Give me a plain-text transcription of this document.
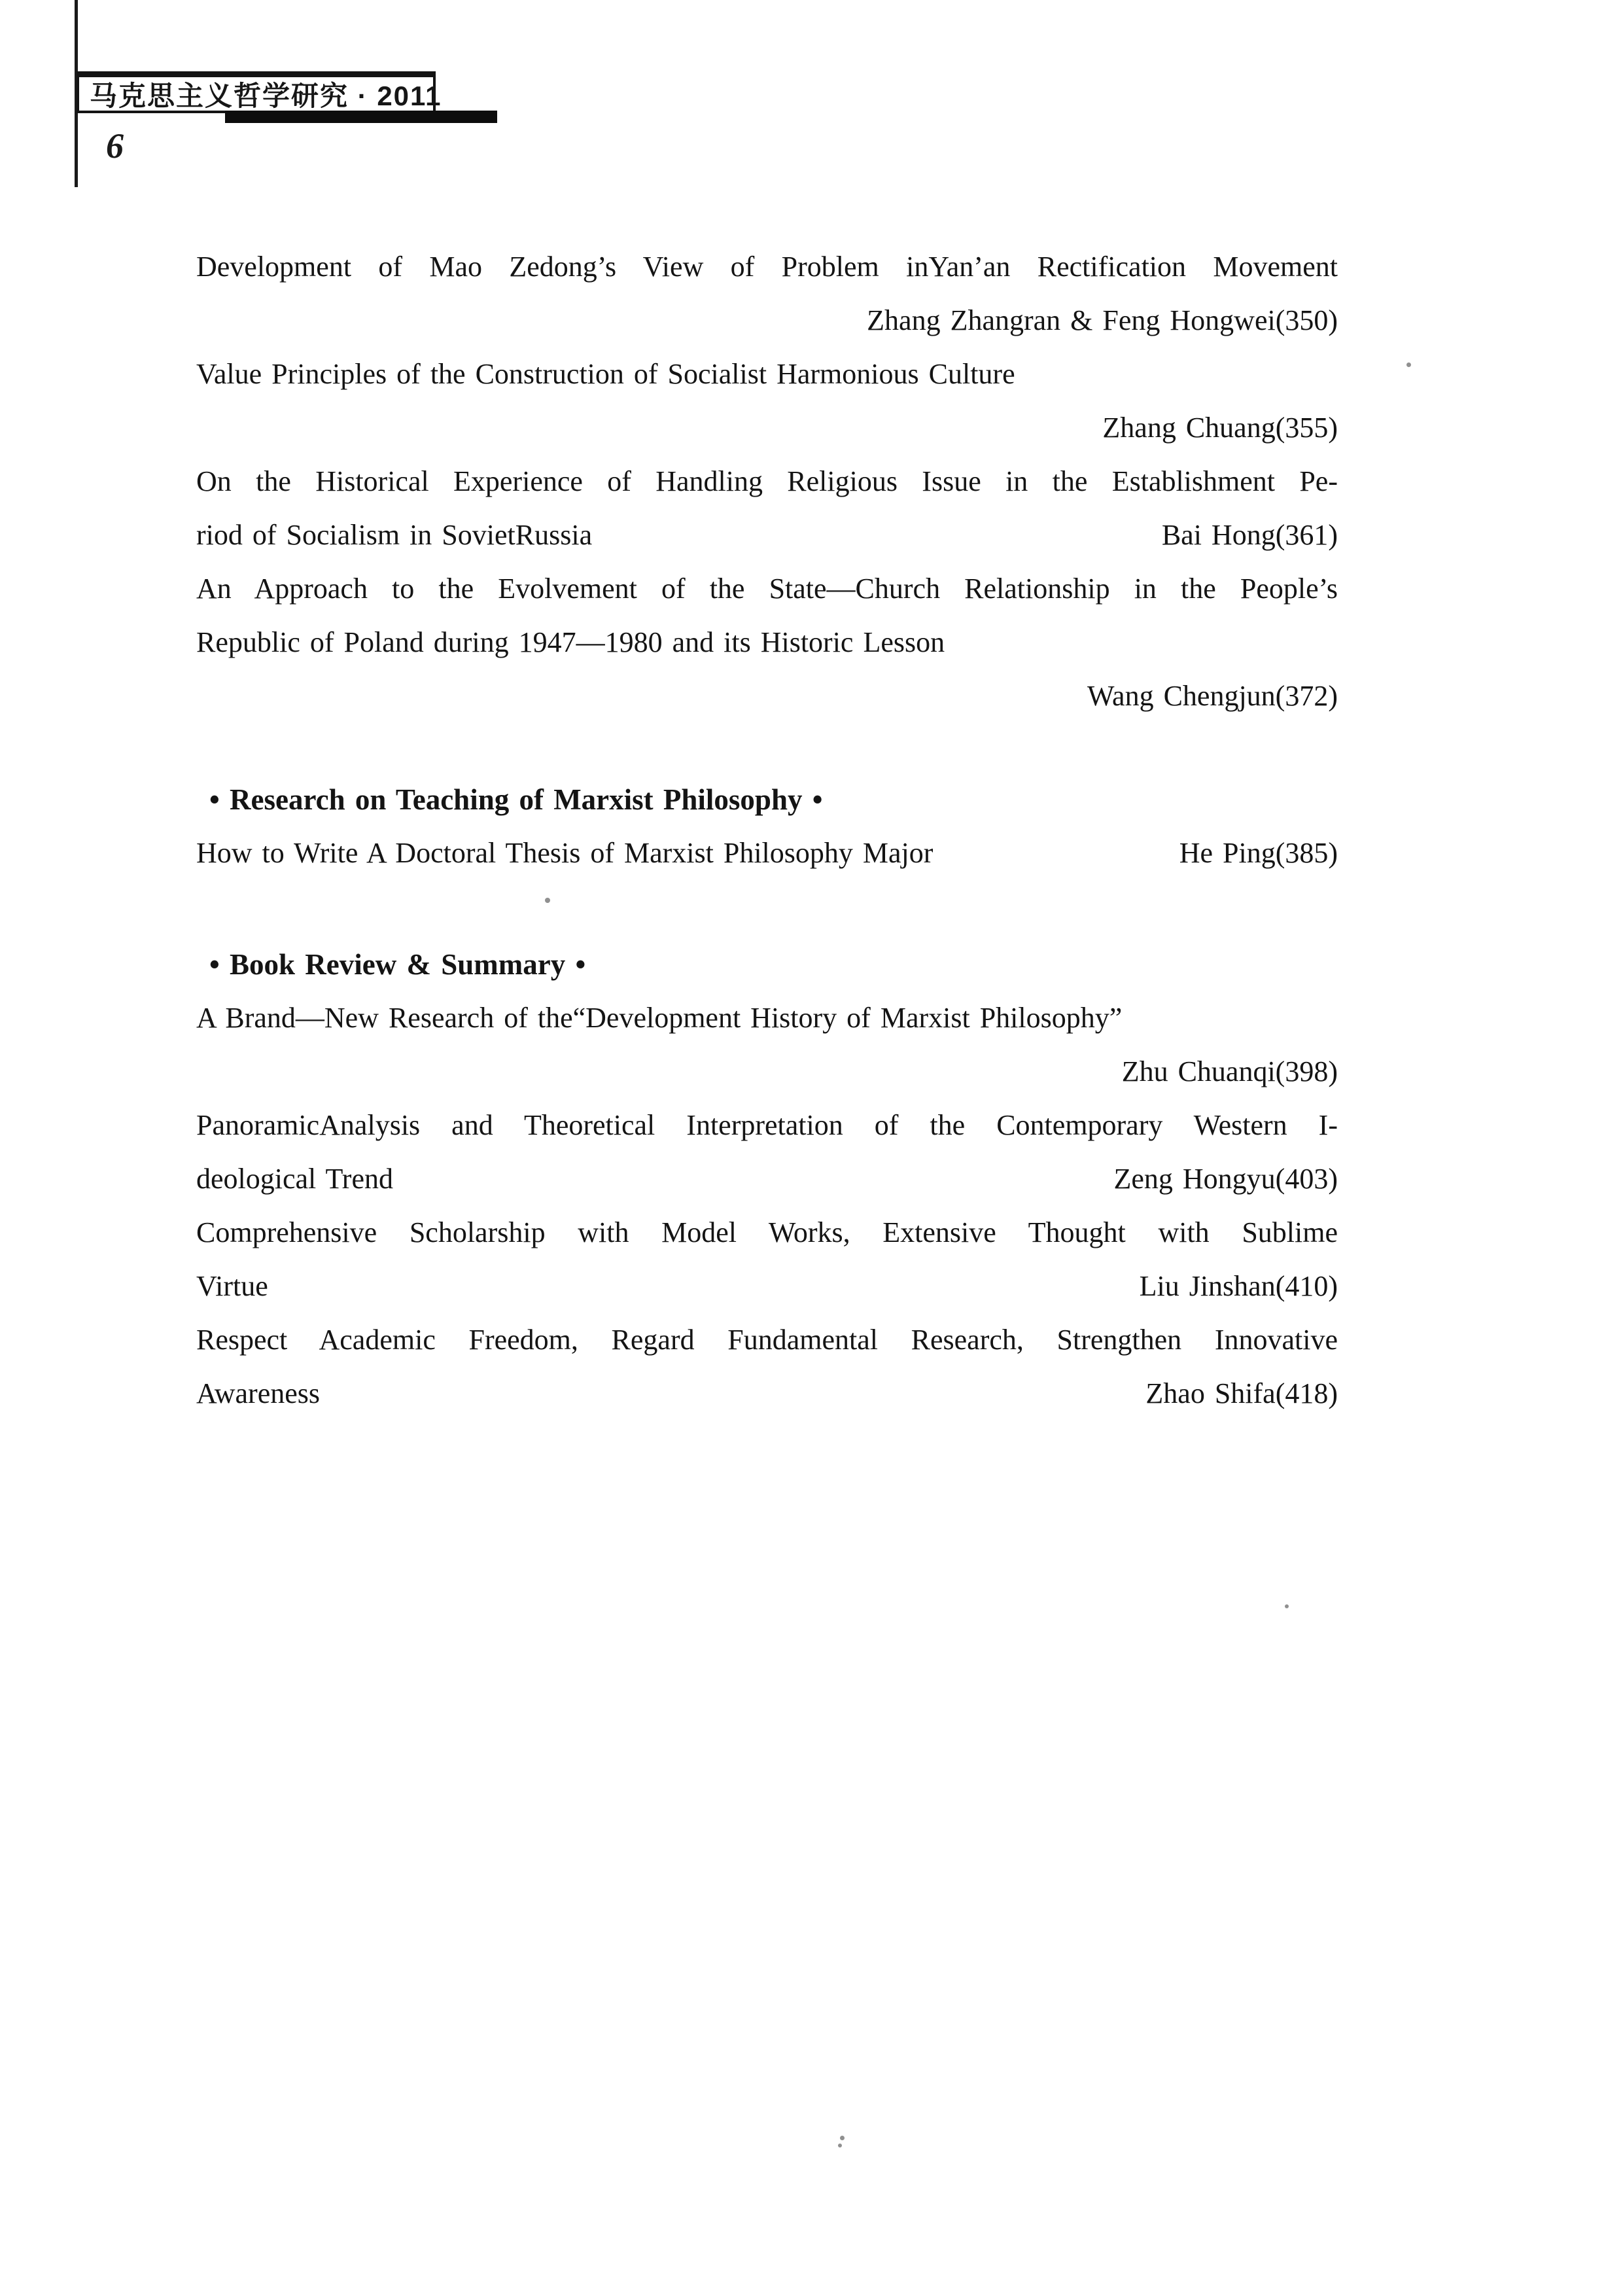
马克思主义哲学研究 · 2011
6
Development of Mao Zedong’s View of Problem inYan’an Rectification Movement
Zhang Zhangran & Feng Hongwei(350)
Value Principles of the Construction of Socialist Harmonious Culture
Zhang Chuang(355)
On the Historical Experience of Handling Religious Issue in the Establishment Pe-
riod of Socialism in SovietRussia	Bai Hong(361)
An Approach to the Evolvement of the State—Church Relationship in the People’s
Republic of Poland during 1947—1980 and its Historic Lesson
Wang Chengjun(372)
• Research on Teaching of Marxist Philosophy •
How to Write A Doctoral Thesis of Marxist Philosophy Major	He Ping(385)
• Book Review & Summary •
A Brand—New Research of the“Development History of Marxist Philosophy”
Zhu Chuanqi(398)
PanoramicAnalysis and Theoretical Interpretation of the Contemporary Western I-
deological Trend	Zeng Hongyu(403)
Comprehensive Scholarship with Model Works, Extensive Thought with Sublime
Virtue	Liu Jinshan(410)
Respect Academic Freedom, Regard Fundamental Research, Strengthen Innovative
Awareness	Zhao Shifa(418)
